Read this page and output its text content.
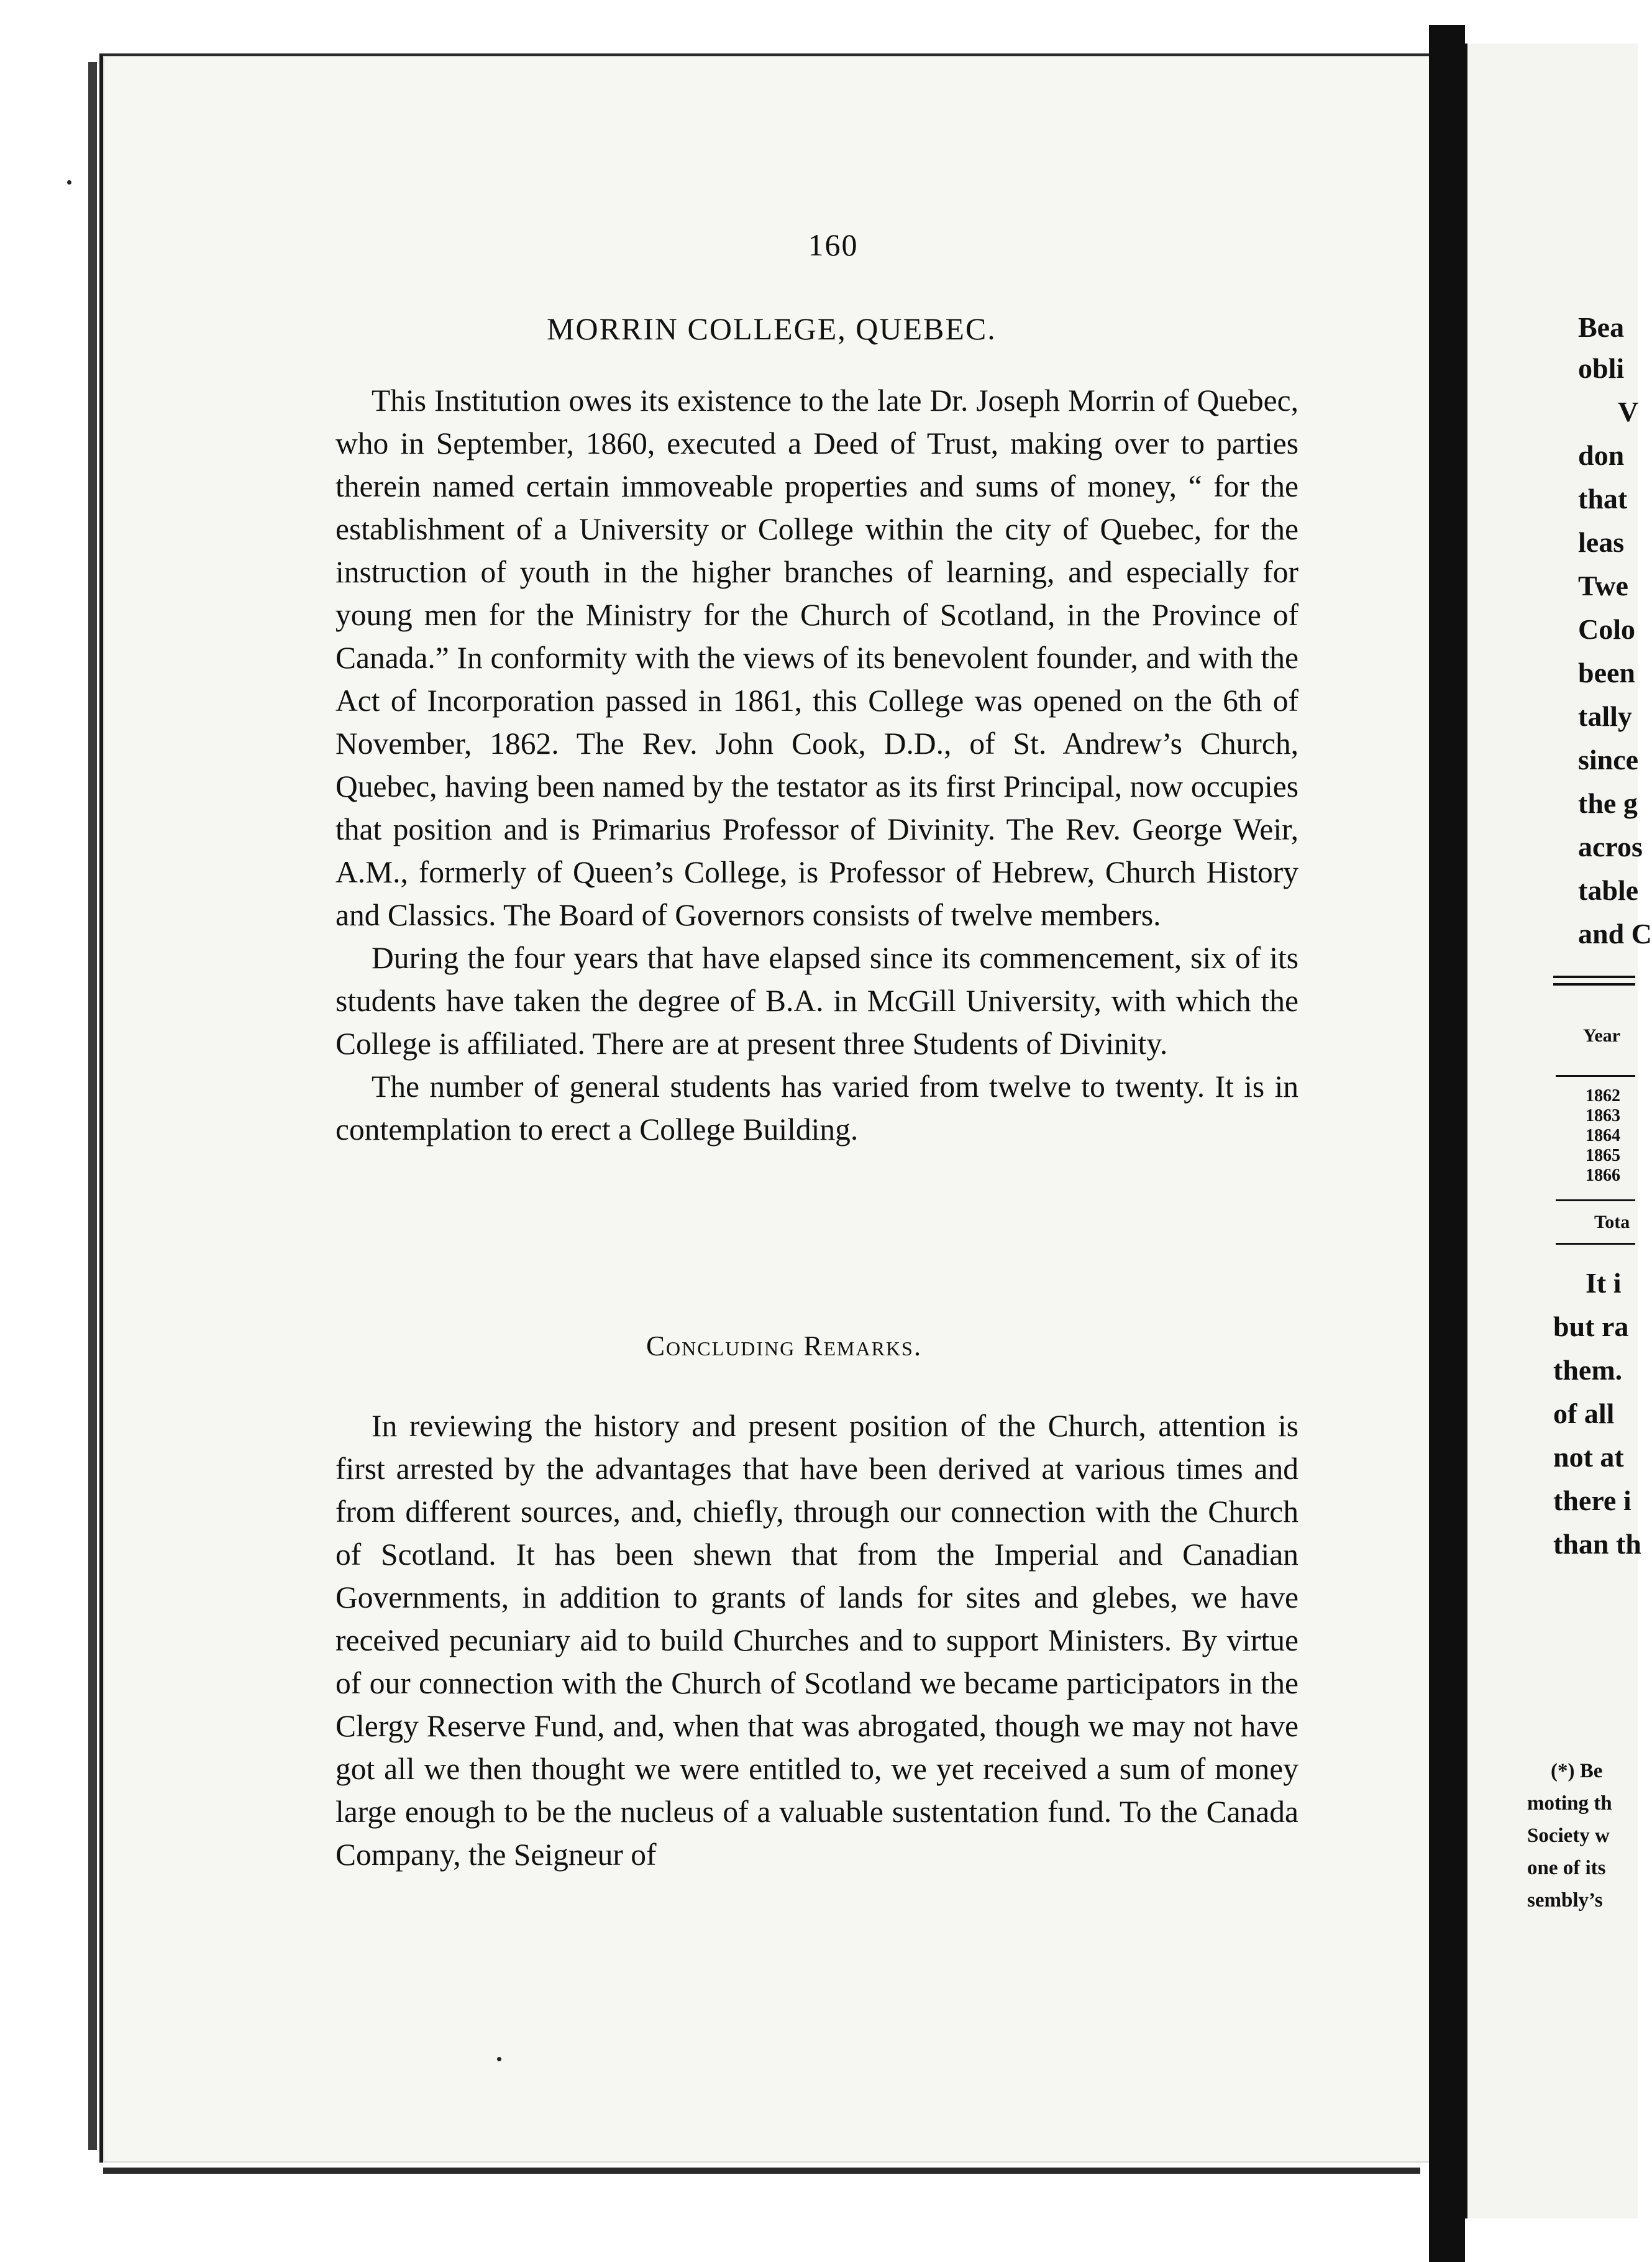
160
MORRIN COLLEGE, QUEBEC.

This Institution owes its existence to the late Dr. Joseph Morrin of Quebec, who in September, 1860, executed a Deed of Trust, making over to parties therein named certain immoveable properties and sums of money, “ for the establishment of a University or College within the city of Quebec, for the instruction of youth in the higher branches of learning, and especially for young men for the Ministry for the Church of Scotland, in the Province of Canada.” In conformity with the views of its benevolent founder, and with the Act of Incorporation passed in 1861, this College was opened on the 6th of November, 1862. The Rev. John Cook, D.D., of St. Andrew’s Church, Quebec, having been named by the testator as its first Principal, now occupies that position and is Primarius Professor of Divinity. The Rev. George Weir, A.M., formerly of Queen’s College, is Professor of Hebrew, Church History and Classics. The Board of Governors consists of twelve members.

During the four years that have elapsed since its commencement, six of its students have taken the degree of B.A. in McGill University, with which the College is affiliated. There are at present three Students of Divinity.

The number of general students has varied from twelve to twenty. It is in contemplation to erect a College Building.

Concluding Remarks.

In reviewing the history and present position of the Church, attention is first arrested by the advantages that have been derived at various times and from different sources, and, chiefly, through our connection with the Church of Scotland. It has been shewn that from the Imperial and Canadian Governments, in addition to grants of lands for sites and glebes, we have received pecuniary aid to build Churches and to support Ministers. By virtue of our connection with the Church of Scotland we became participators in the Clergy Reserve Fund, and, when that was abrogated, though we may not have got all we then thought we were entitled to, we yet received a sum of money large enough to be the nucleus of a valuable sustentation fund. To the Canada Company, the Seigneur of

Bea
obli
V
don
that
leas
Twe
Colo
been
tally
since
the g
acros
table
and C
Year
1862
1863
1864
1865
1866
Tota
It i
but ra
them.
of all
not at
there i
than th
(*) Be
moting th
Society w
one of its
sembly’s
